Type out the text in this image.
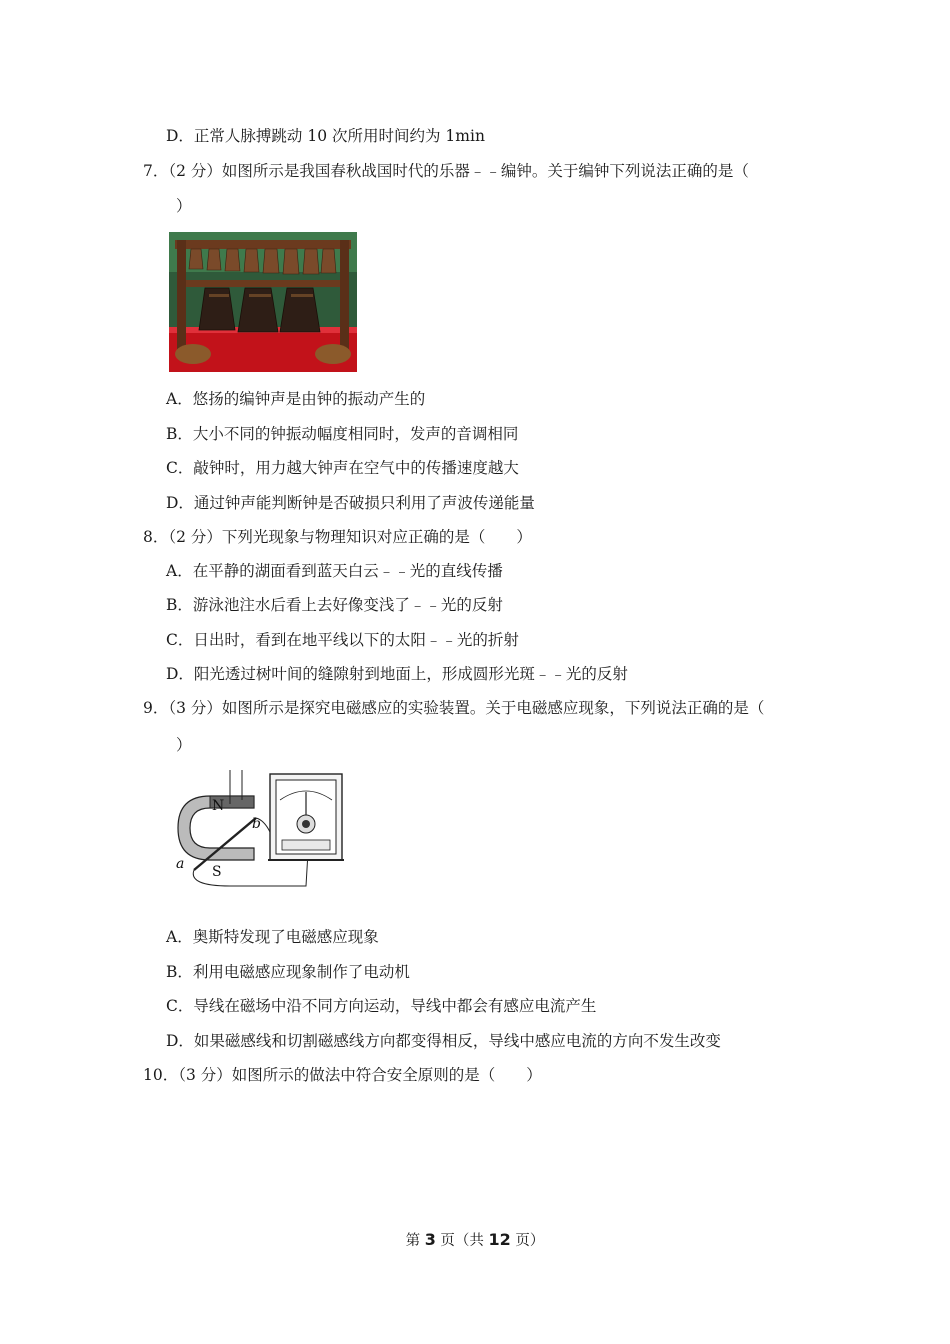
D．正常人脉搏跳动 10 次所用时间约为 1min
7．（2 分）如图所示是我国春秋战国时代的乐器﹣﹣编钟。关于编钟下列说法正确的是（
）
A．悠扬的编钟声是由钟的振动产生的
B．大小不同的钟振动幅度相同时，发声的音调相同
C．敲钟时，用力越大钟声在空气中的传播速度越大
D．通过钟声能判断钟是否破损只利用了声波传递能量
8．（2 分）下列光现象与物理知识对应正确的是（　　）
A．在平静的湖面看到蓝天白云﹣﹣光的直线传播
B．游泳池注水后看上去好像变浅了﹣﹣光的反射
C．日出时，看到在地平线以下的太阳﹣﹣光的折射
D．阳光透过树叶间的缝隙射到地面上，形成圆形光斑﹣﹣光的反射
9．（3 分）如图所示是探究电磁感应的实验装置。关于电磁感应现象，下列说法正确的是（
）
N
S
a
b
A．奥斯特发现了电磁感应现象
B．利用电磁感应现象制作了电动机
C．导线在磁场中沿不同方向运动，导线中都会有感应电流产生
D．如果磁感线和切割磁感线方向都变得相反，导线中感应电流的方向不发生改变
10．（3 分）如图所示的做法中符合安全原则的是（　　）
第 3 页（共 12 页）
